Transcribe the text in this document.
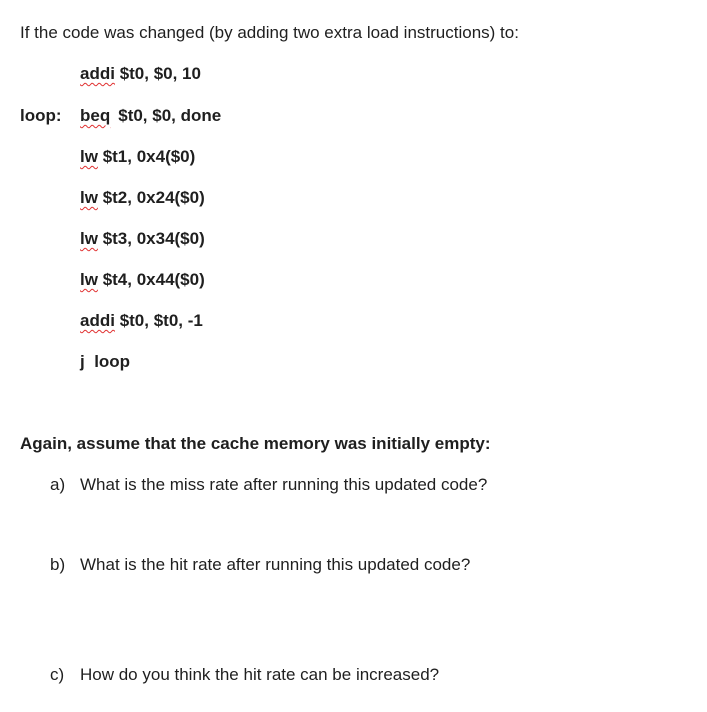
If the code was changed (by adding two extra load instructions) to:
addi $t0, $0, 10
loop: beq $t0, $0, done
lw $t1, 0x4($0)
lw $t2, 0x24($0)
lw $t3, 0x34($0)
lw $t4, 0x44($0)
addi $t0, $t0, -1
j loop
Again, assume that the cache memory was initially empty:
a) What is the miss rate after running this updated code?
b) What is the hit rate after running this updated code?
c) How do you think the hit rate can be increased?
